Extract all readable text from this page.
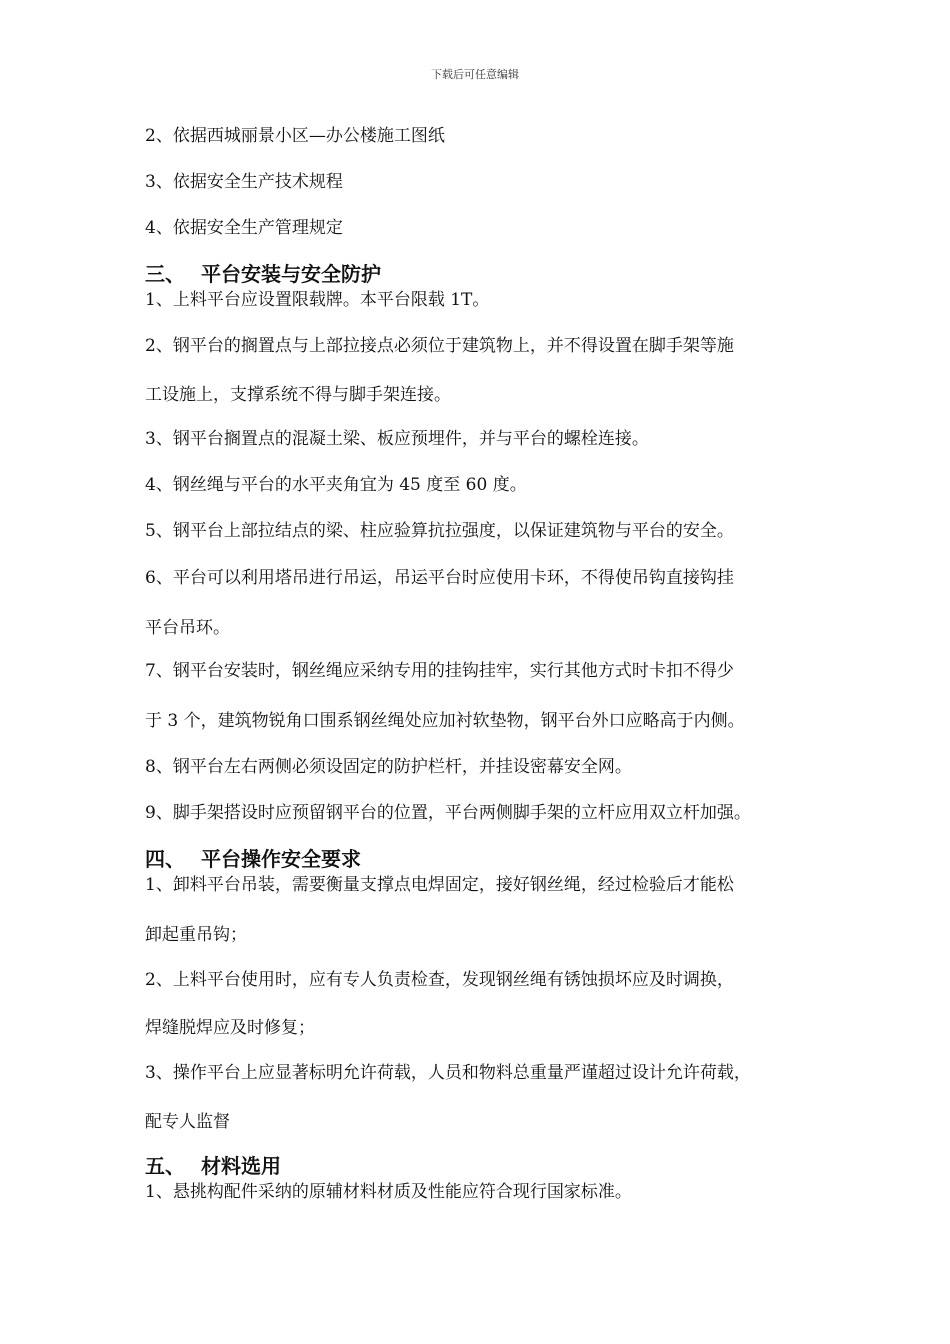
下载后可任意编辑
2、依据西城丽景小区—办公楼施工图纸
3、依据安全生产技术规程
4、依据安全生产管理规定
三、 平台安装与安全防护
1、上料平台应设置限载牌。本平台限载 1T。
2、钢平台的搁置点与上部拉接点必须位于建筑物上，并不得设置在脚手架等施
工设施上，支撑系统不得与脚手架连接。
3、钢平台搁置点的混凝土梁、板应预埋件，并与平台的螺栓连接。
4、钢丝绳与平台的水平夹角宜为 45 度至 60 度。
5、钢平台上部拉结点的梁、柱应验算抗拉强度，以保证建筑物与平台的安全。
6、平台可以利用塔吊进行吊运，吊运平台时应使用卡环，不得使吊钩直接钩挂
平台吊环。
7、钢平台安装时，钢丝绳应采纳专用的挂钩挂牢，实行其他方式时卡扣不得少
于 3 个，建筑物锐角口围系钢丝绳处应加衬软垫物，钢平台外口应略高于内侧。
8、钢平台左右两侧必须设固定的防护栏杆，并挂设密幕安全网。
9、脚手架搭设时应预留钢平台的位置，平台两侧脚手架的立杆应用双立杆加强。
四、 平台操作安全要求
1、卸料平台吊装，需要衡量支撑点电焊固定，接好钢丝绳，经过检验后才能松
卸起重吊钩；
2、上料平台使用时，应有专人负责检查，发现钢丝绳有锈蚀损坏应及时调换，
焊缝脱焊应及时修复；
3、操作平台上应显著标明允许荷载，人员和物料总重量严谨超过设计允许荷载，
配专人监督
五、 材料选用
1、悬挑构配件采纳的原辅材料材质及性能应符合现行国家标准。
